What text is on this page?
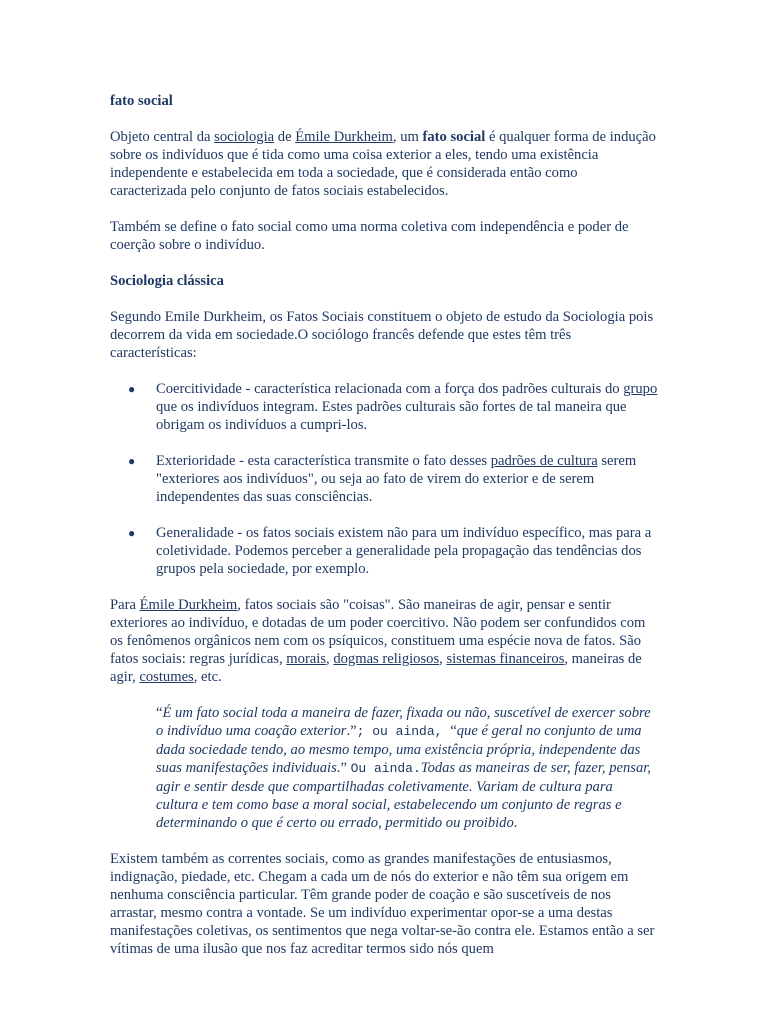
fato social

Objeto central da sociologia de Émile Durkheim, um fato social é qualquer forma de indução sobre os indivíduos que é tida como uma coisa exterior a eles, tendo uma existência independente e estabelecida em toda a sociedade, que é considerada então como caracterizada pelo conjunto de fatos sociais estabelecidos.

Também se define o fato social como uma norma coletiva com independência e poder de coerção sobre o indivíduo.

Sociologia clássica

Segundo Emile Durkheim, os Fatos Sociais constituem o objeto de estudo da Sociologia pois decorrem da vida em sociedade.O sociólogo francês defende que estes têm três características:

● Coercitividade - característica relacionada com a força dos padrões culturais do grupo que os indivíduos integram. Estes padrões culturais são fortes de tal maneira que obrigam os indivíduos a cumpri-los.
● Exterioridade - esta característica transmite o fato desses padrões de cultura serem "exteriores aos indivíduos", ou seja ao fato de virem do exterior e de serem independentes das suas consciências.
● Generalidade - os fatos sociais existem não para um indivíduo específico, mas para a coletividade. Podemos perceber a generalidade pela propagação das tendências dos grupos pela sociedade, por exemplo.

Para Émile Durkheim, fatos sociais são "coisas". São maneiras de agir, pensar e sentir exteriores ao indivíduo, e dotadas de um poder coercitivo. Não podem ser confundidos com os fenômenos orgânicos nem com os psíquicos, constituem uma espécie nova de fatos. São fatos sociais: regras jurídicas, morais, dogmas religiosos, sistemas financeiros, maneiras de agir, costumes, etc.

“É um fato social toda a maneira de fazer, fixada ou não, suscetível de exercer sobre o indivíduo uma coação exterior.”; ou ainda, “que é geral no conjunto de uma dada sociedade tendo, ao mesmo tempo, uma existência própria, independente das suas manifestações individuais.” Ou ainda.Todas as maneiras de ser, fazer, pensar, agir e sentir desde que compartilhadas coletivamente. Variam de cultura para cultura e tem como base a moral social, estabelecendo um conjunto de regras e determinando o que é certo ou errado, permitido ou proibido.

Existem também as correntes sociais, como as grandes manifestações de entusiasmos, indignação, piedade, etc. Chegam a cada um de nós do exterior e não têm sua origem em nenhuma consciência particular. Têm grande poder de coação e são suscetíveis de nos arrastar, mesmo contra a vontade. Se um indivíduo experimentar opor-se a uma destas manifestações coletivas, os sentimentos que nega voltar-se-ão contra ele. Estamos então a ser vítimas de uma ilusão que nos faz acreditar termos sido nós quem
